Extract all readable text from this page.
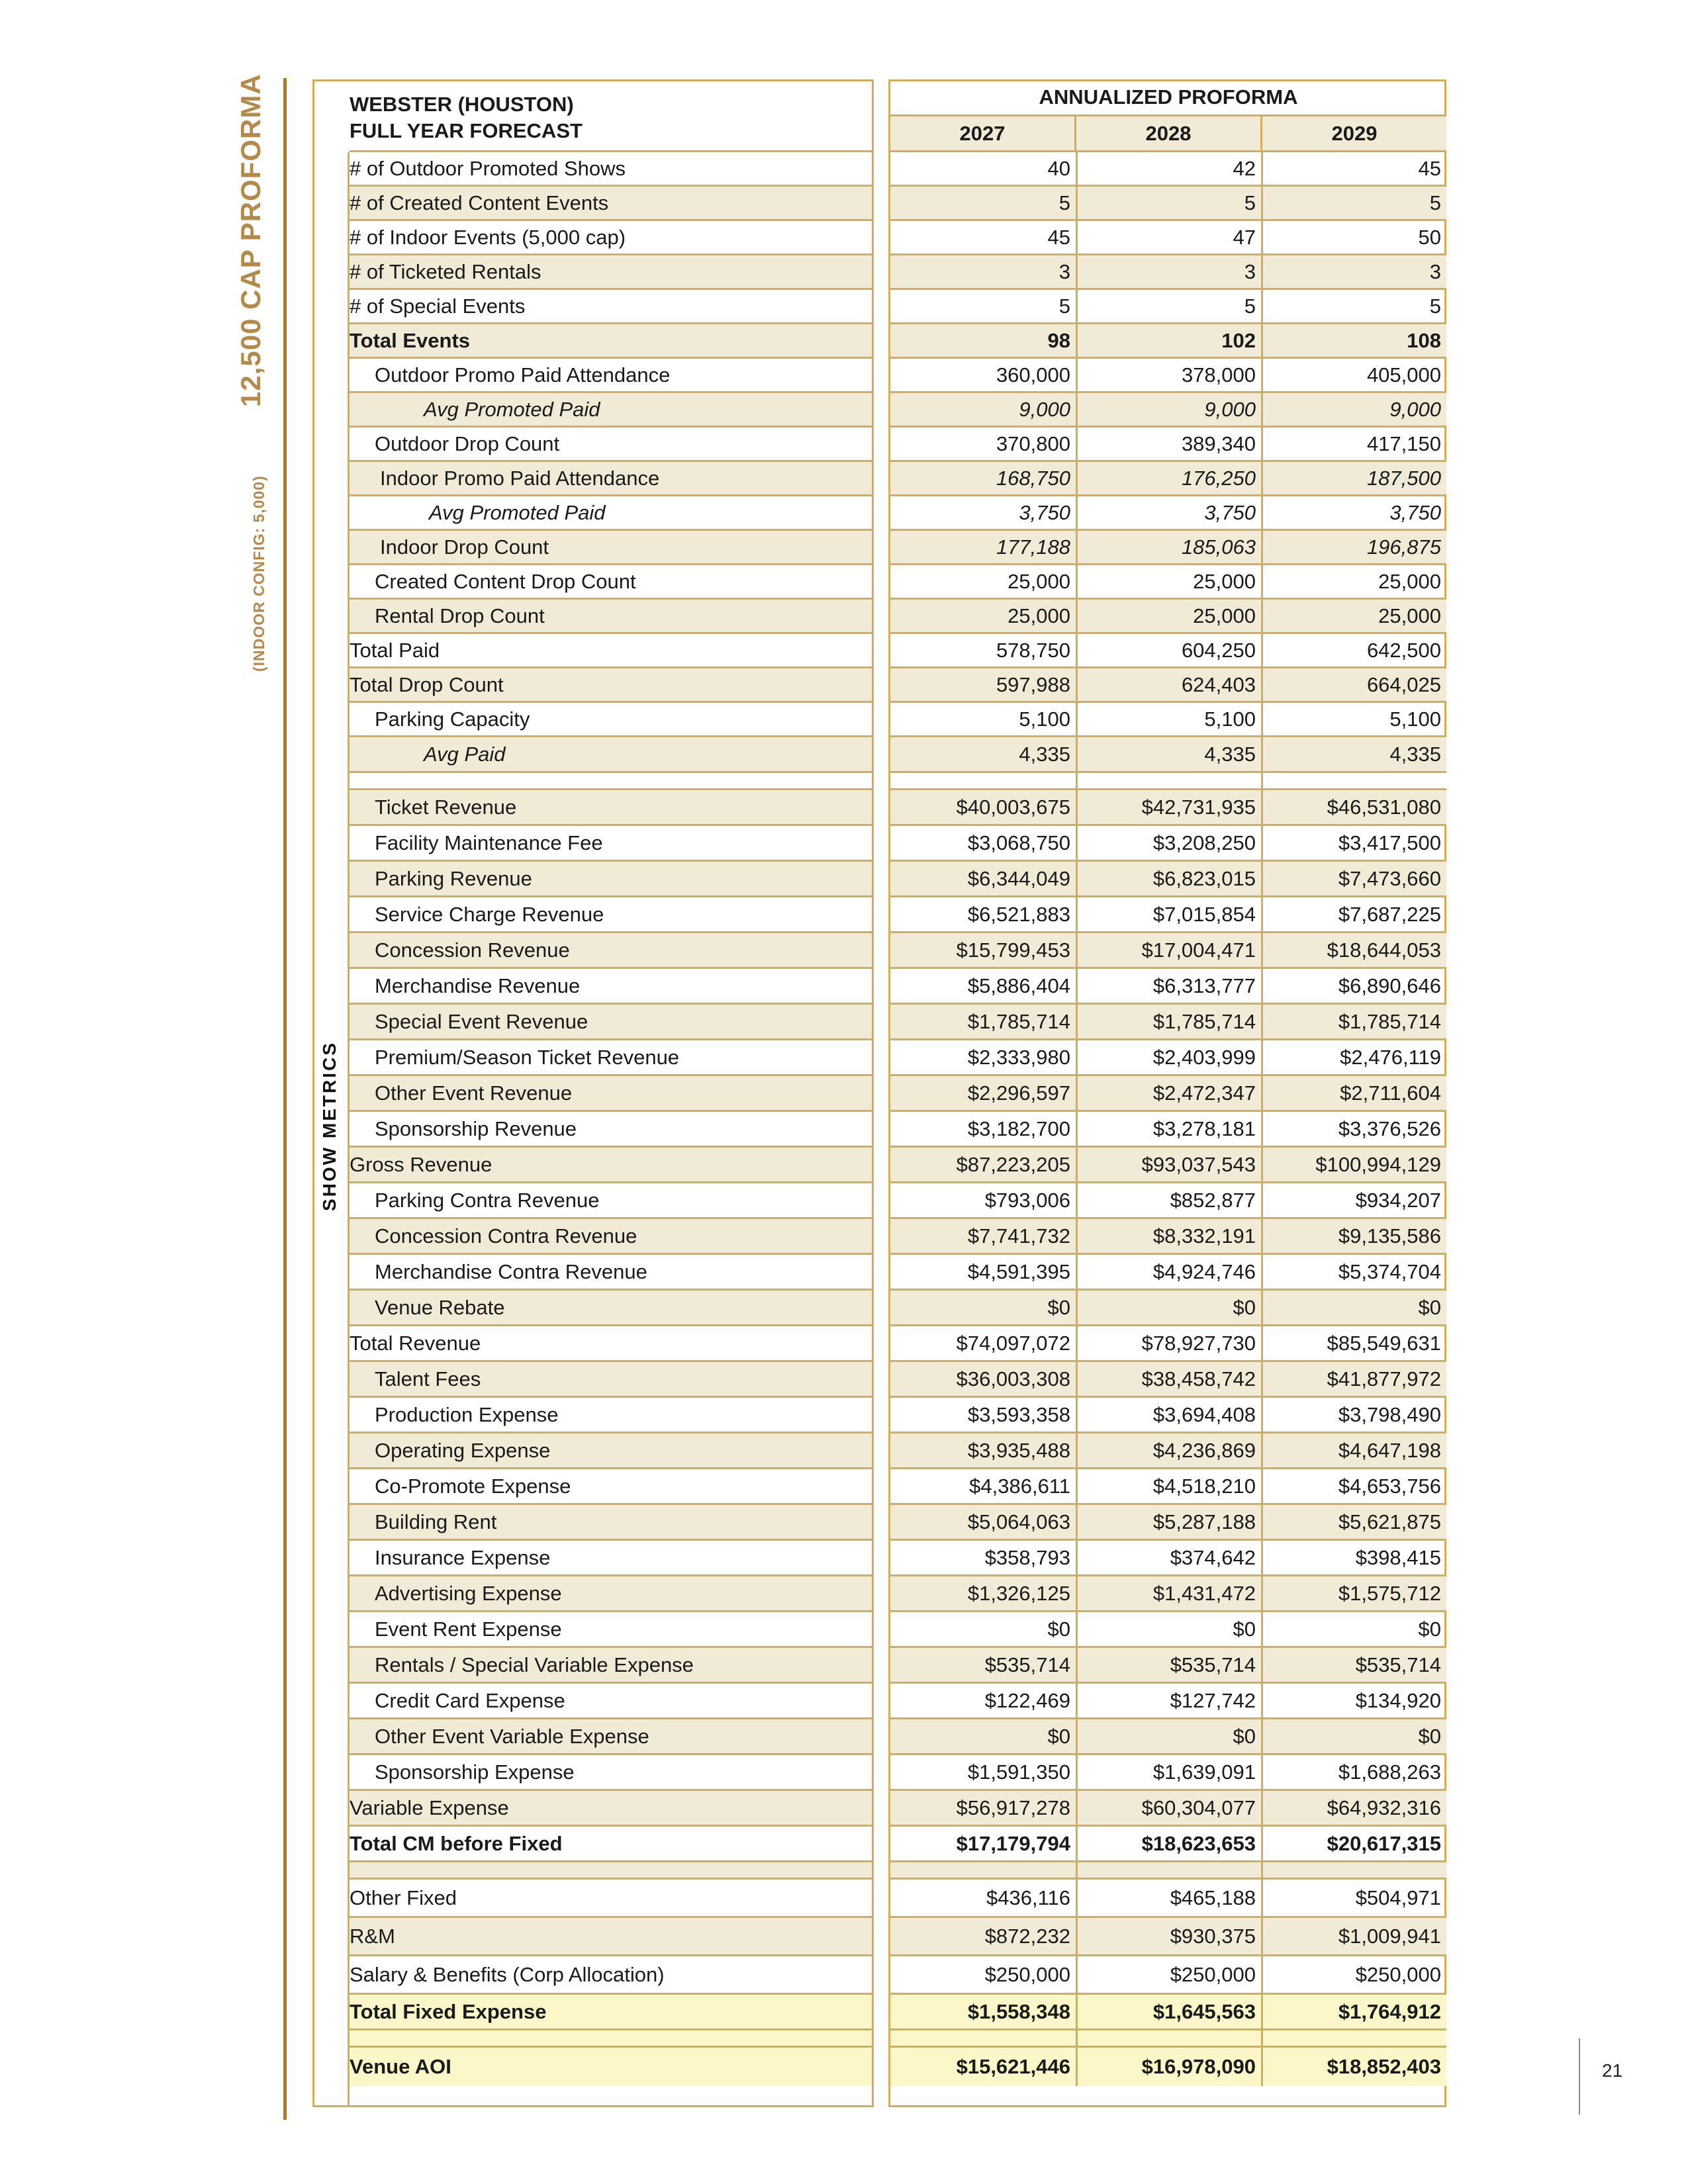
12,500 CAP PROFORMA
(INDOOR CONFIG: 5,000)
SHOW METRICS
WEBSTER (HOUSTON)
FULL YEAR FORECAST
ANNUALIZED PROFORMA
2027	2028	2029
# of Outdoor Promoted Shows	40	42	45
# of Created Content Events	5	5	5
# of Indoor Events (5,000 cap)	45	47	50
# of Ticketed Rentals	3	3	3
# of Special Events	5	5	5
Total Events	98	102	108
Outdoor Promo Paid Attendance	360,000	378,000	405,000
Avg Promoted Paid	9,000	9,000	9,000
Outdoor Drop Count	370,800	389,340	417,150
Indoor Promo Paid Attendance	168,750	176,250	187,500
Avg Promoted Paid	3,750	3,750	3,750
Indoor Drop Count	177,188	185,063	196,875
Created Content Drop Count	25,000	25,000	25,000
Rental Drop Count	25,000	25,000	25,000
Total Paid	578,750	604,250	642,500
Total Drop Count	597,988	624,403	664,025
Parking Capacity	5,100	5,100	5,100
Avg Paid	4,335	4,335	4,335
Ticket Revenue	$40,003,675	$42,731,935	$46,531,080
Facility Maintenance Fee	$3,068,750	$3,208,250	$3,417,500
Parking Revenue	$6,344,049	$6,823,015	$7,473,660
Service Charge Revenue	$6,521,883	$7,015,854	$7,687,225
Concession Revenue	$15,799,453	$17,004,471	$18,644,053
Merchandise Revenue	$5,886,404	$6,313,777	$6,890,646
Special Event Revenue	$1,785,714	$1,785,714	$1,785,714
Premium/Season Ticket Revenue	$2,333,980	$2,403,999	$2,476,119
Other Event Revenue	$2,296,597	$2,472,347	$2,711,604
Sponsorship Revenue	$3,182,700	$3,278,181	$3,376,526
Gross Revenue	$87,223,205	$93,037,543	$100,994,129
Parking Contra Revenue	$793,006	$852,877	$934,207
Concession Contra Revenue	$7,741,732	$8,332,191	$9,135,586
Merchandise Contra Revenue	$4,591,395	$4,924,746	$5,374,704
Venue Rebate	$0	$0	$0
Total Revenue	$74,097,072	$78,927,730	$85,549,631
Talent Fees	$36,003,308	$38,458,742	$41,877,972
Production Expense	$3,593,358	$3,694,408	$3,798,490
Operating Expense	$3,935,488	$4,236,869	$4,647,198
Co-Promote Expense	$4,386,611	$4,518,210	$4,653,756
Building Rent	$5,064,063	$5,287,188	$5,621,875
Insurance Expense	$358,793	$374,642	$398,415
Advertising Expense	$1,326,125	$1,431,472	$1,575,712
Event Rent Expense	$0	$0	$0
Rentals / Special Variable Expense	$535,714	$535,714	$535,714
Credit Card Expense	$122,469	$127,742	$134,920
Other Event Variable Expense	$0	$0	$0
Sponsorship Expense	$1,591,350	$1,639,091	$1,688,263
Variable Expense	$56,917,278	$60,304,077	$64,932,316
Total CM before Fixed	$17,179,794	$18,623,653	$20,617,315
Other Fixed	$436,116	$465,188	$504,971
R&M	$872,232	$930,375	$1,009,941
Salary & Benefits (Corp Allocation)	$250,000	$250,000	$250,000
Total Fixed Expense	$1,558,348	$1,645,563	$1,764,912
Venue AOI	$15,621,446	$16,978,090	$18,852,403	21
